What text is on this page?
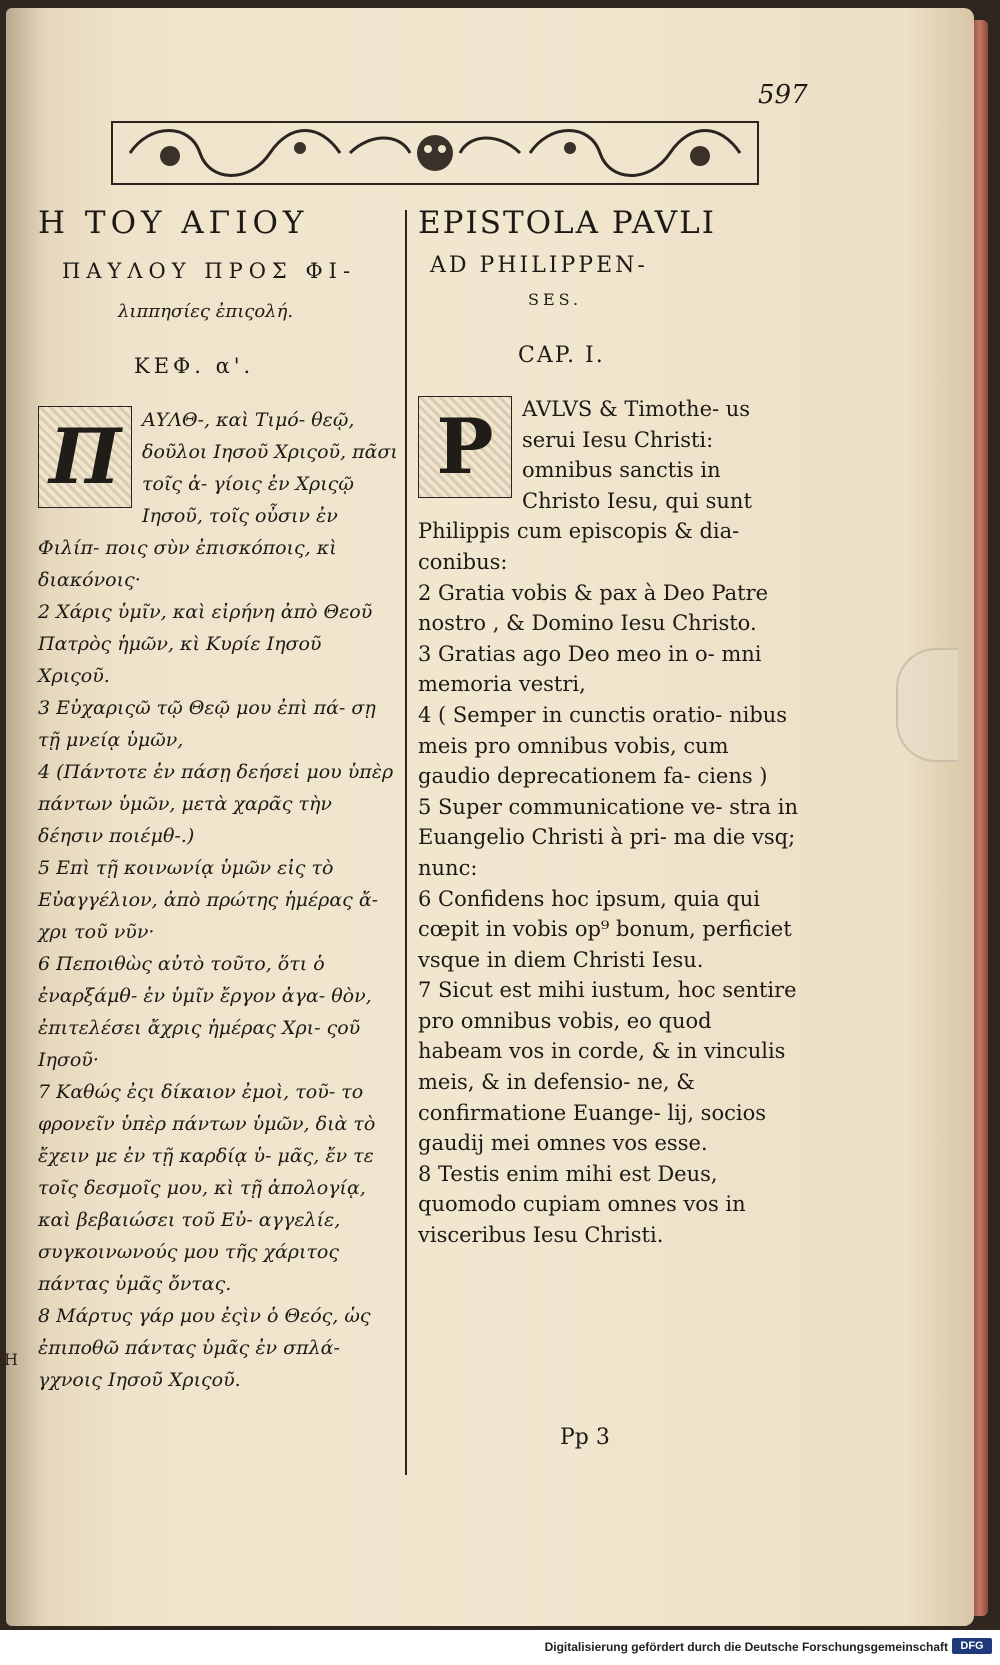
597
Η ΤΟΥ ΑΓΙΟΥ
ΠΑΥΛΟΥ ΠΡΟΣ ΦΙ-
λιππησίες ἐπιςολή.
ΚΕΦ. α'.
Π	ΑΥΛΘ-, καὶ Τιμό- θεῷ, δοῦλοι Ιησοῦ Χριςοῦ, πᾶσι τοῖς ἁ- γίοις ἐν Χριςῷ Ιησοῦ, τοῖς οὖσιν ἐν Φιλίπ- ποις σὺν ἐπισκόποις, κὶ διακόνοις·

2 Χάρις ὑμῖν, καὶ εἰρήνη ἀπὸ Θεοῦ Πατρὸς ἡμῶν, κὶ Κυρίε Ιησοῦ Χριςοῦ.

3 Εὐχαριςῶ τῷ Θεῷ μου ἐπὶ πά- σῃ τῇ μνείᾳ ὑμῶν,

4 (Πάντοτε ἐν πάσῃ δεήσεἰ μου ὑπὲρ πάντων ὑμῶν, μετὰ χαρᾶς τὴν δέησιν ποιέμθ-.)

5 Επὶ τῇ κοινωνίᾳ ὑμῶν εἰς τὸ Εὐαγγέλιον, ἀπὸ πρώτης ἡμέρας ἄ- χρι τοῦ νῦν·

6 Πεποιθὼς αὐτὸ τοῦτο, ὅτι ὁ ἐναρξάμθ- ἐν ὑμῖν ἔργον ἀγα- θὸν, ἐπιτελέσει ἄχρις ἡμέρας Χρι- ςοῦ Ιησοῦ·

7 Καθώς ἐςι δίκαιον ἐμοὶ, τοῦ- το φρονεῖν ὑπὲρ πάντων ὑμῶν, διὰ τὸ ἔχειν με ἐν τῇ καρδίᾳ ὑ- μᾶς, ἔν τε τοῖς δεσμοῖς μου, κὶ τῇ ἀπολογίᾳ, καὶ βεβαιώσει τοῦ Εὐ- αγγελίε, συγκοινωνούς μου τῆς χάριτος πάντας ὑμᾶς ὄντας.

8 Μάρτυς γάρ μου ἐςὶν ὁ Θεός, ὡς ἐπιποθῶ πάντας ὑμᾶς ἐν σπλά- γχνοις Ιησοῦ Χριςοῦ.

EPISTOLA PAVLI
AD PHILIPPEN-
SES.
CAP. I.
P	AVLVS & Timothe- us serui Iesu Christi: omnibus sanctis in Christo Iesu, qui sunt Philippis cum episcopis & dia- conibus:

2 Gratia vobis & pax à Deo Patre nostro , & Domino Iesu Christo.

3 Gratias ago Deo meo in o- mni memoria vestri,

4 ( Semper in cunctis oratio- nibus meis pro omnibus vobis, cum gaudio deprecationem fa- ciens )

5 Super communicatione ve- stra in Euangelio Christi à pri- ma die vsq; nunc:

6 Confidens hoc ipsum, quia qui cœpit in vobis op⁹ bonum, perficiet vsque in diem Christi Iesu.

7 Sicut est mihi iustum, hoc sentire pro omnibus vobis, eo quod habeam vos in corde, & in vinculis meis, & in defensio- ne, & confirmatione Euange- lij, socios gaudij mei omnes vos esse.

8 Testis enim mihi est Deus, quomodo cupiam omnes vos in visceribus Iesu Christi.

Pp 3
H
Digitalisierung gefördert durch die Deutsche Forschungsgemeinschaft	DFG
